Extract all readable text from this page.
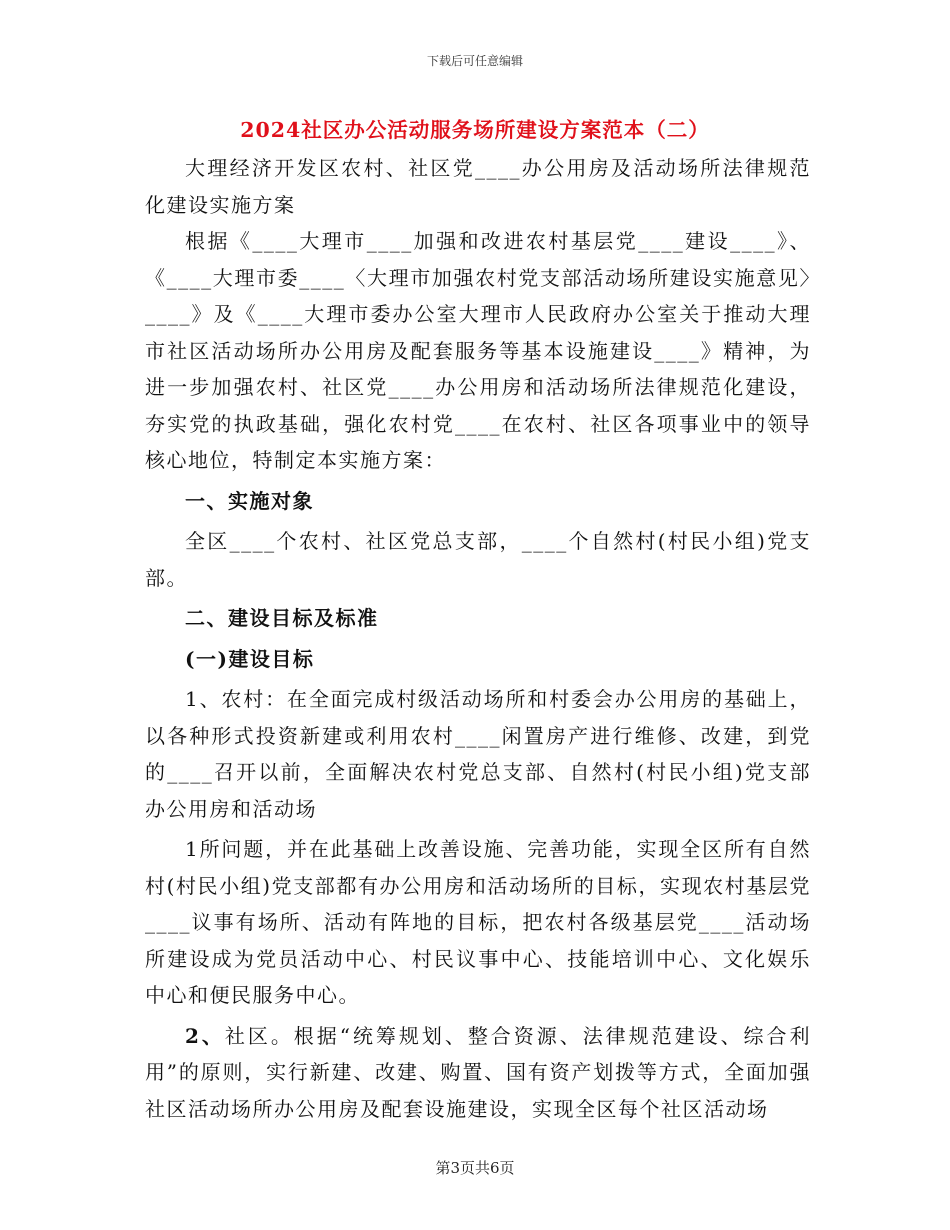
下载后可任意编辑
2024社区办公活动服务场所建设方案范本（二）

大理经济开发区农村、社区党____办公用房及活动场所法律规范化建设实施方案

根据《____大理市____加强和改进农村基层党____建设____》、《____大理市委____〈大理市加强农村党支部活动场所建设实施意见〉____》及《____大理市委办公室大理市人民政府办公室关于推动大理市社区活动场所办公用房及配套服务等基本设施建设____》精神，为进一步加强农村、社区党____办公用房和活动场所法律规范化建设，夯实党的执政基础，强化农村党____在农村、社区各项事业中的领导核心地位，特制定本实施方案：

一、实施对象

全区____个农村、社区党总支部，____个自然村(村民小组)党支部。

二、建设目标及标准
(一)建设目标

1、农村：在全面完成村级活动场所和村委会办公用房的基础上，以各种形式投资新建或利用农村____闲置房产进行维修、改建，到党的____召开以前，全面解决农村党总支部、自然村(村民小组)党支部办公用房和活动场

1所问题，并在此基础上改善设施、完善功能，实现全区所有自然村(村民小组)党支部都有办公用房和活动场所的目标，实现农村基层党____议事有场所、活动有阵地的目标，把农村各级基层党____活动场所建设成为党员活动中心、村民议事中心、技能培训中心、文化娱乐中心和便民服务中心。

2、社区。根据“统筹规划、整合资源、法律规范建设、综合利用”的原则，实行新建、改建、购置、国有资产划拨等方式，全面加强社区活动场所办公用房及配套设施建设，实现全区每个社区活动场

第3页共6页
